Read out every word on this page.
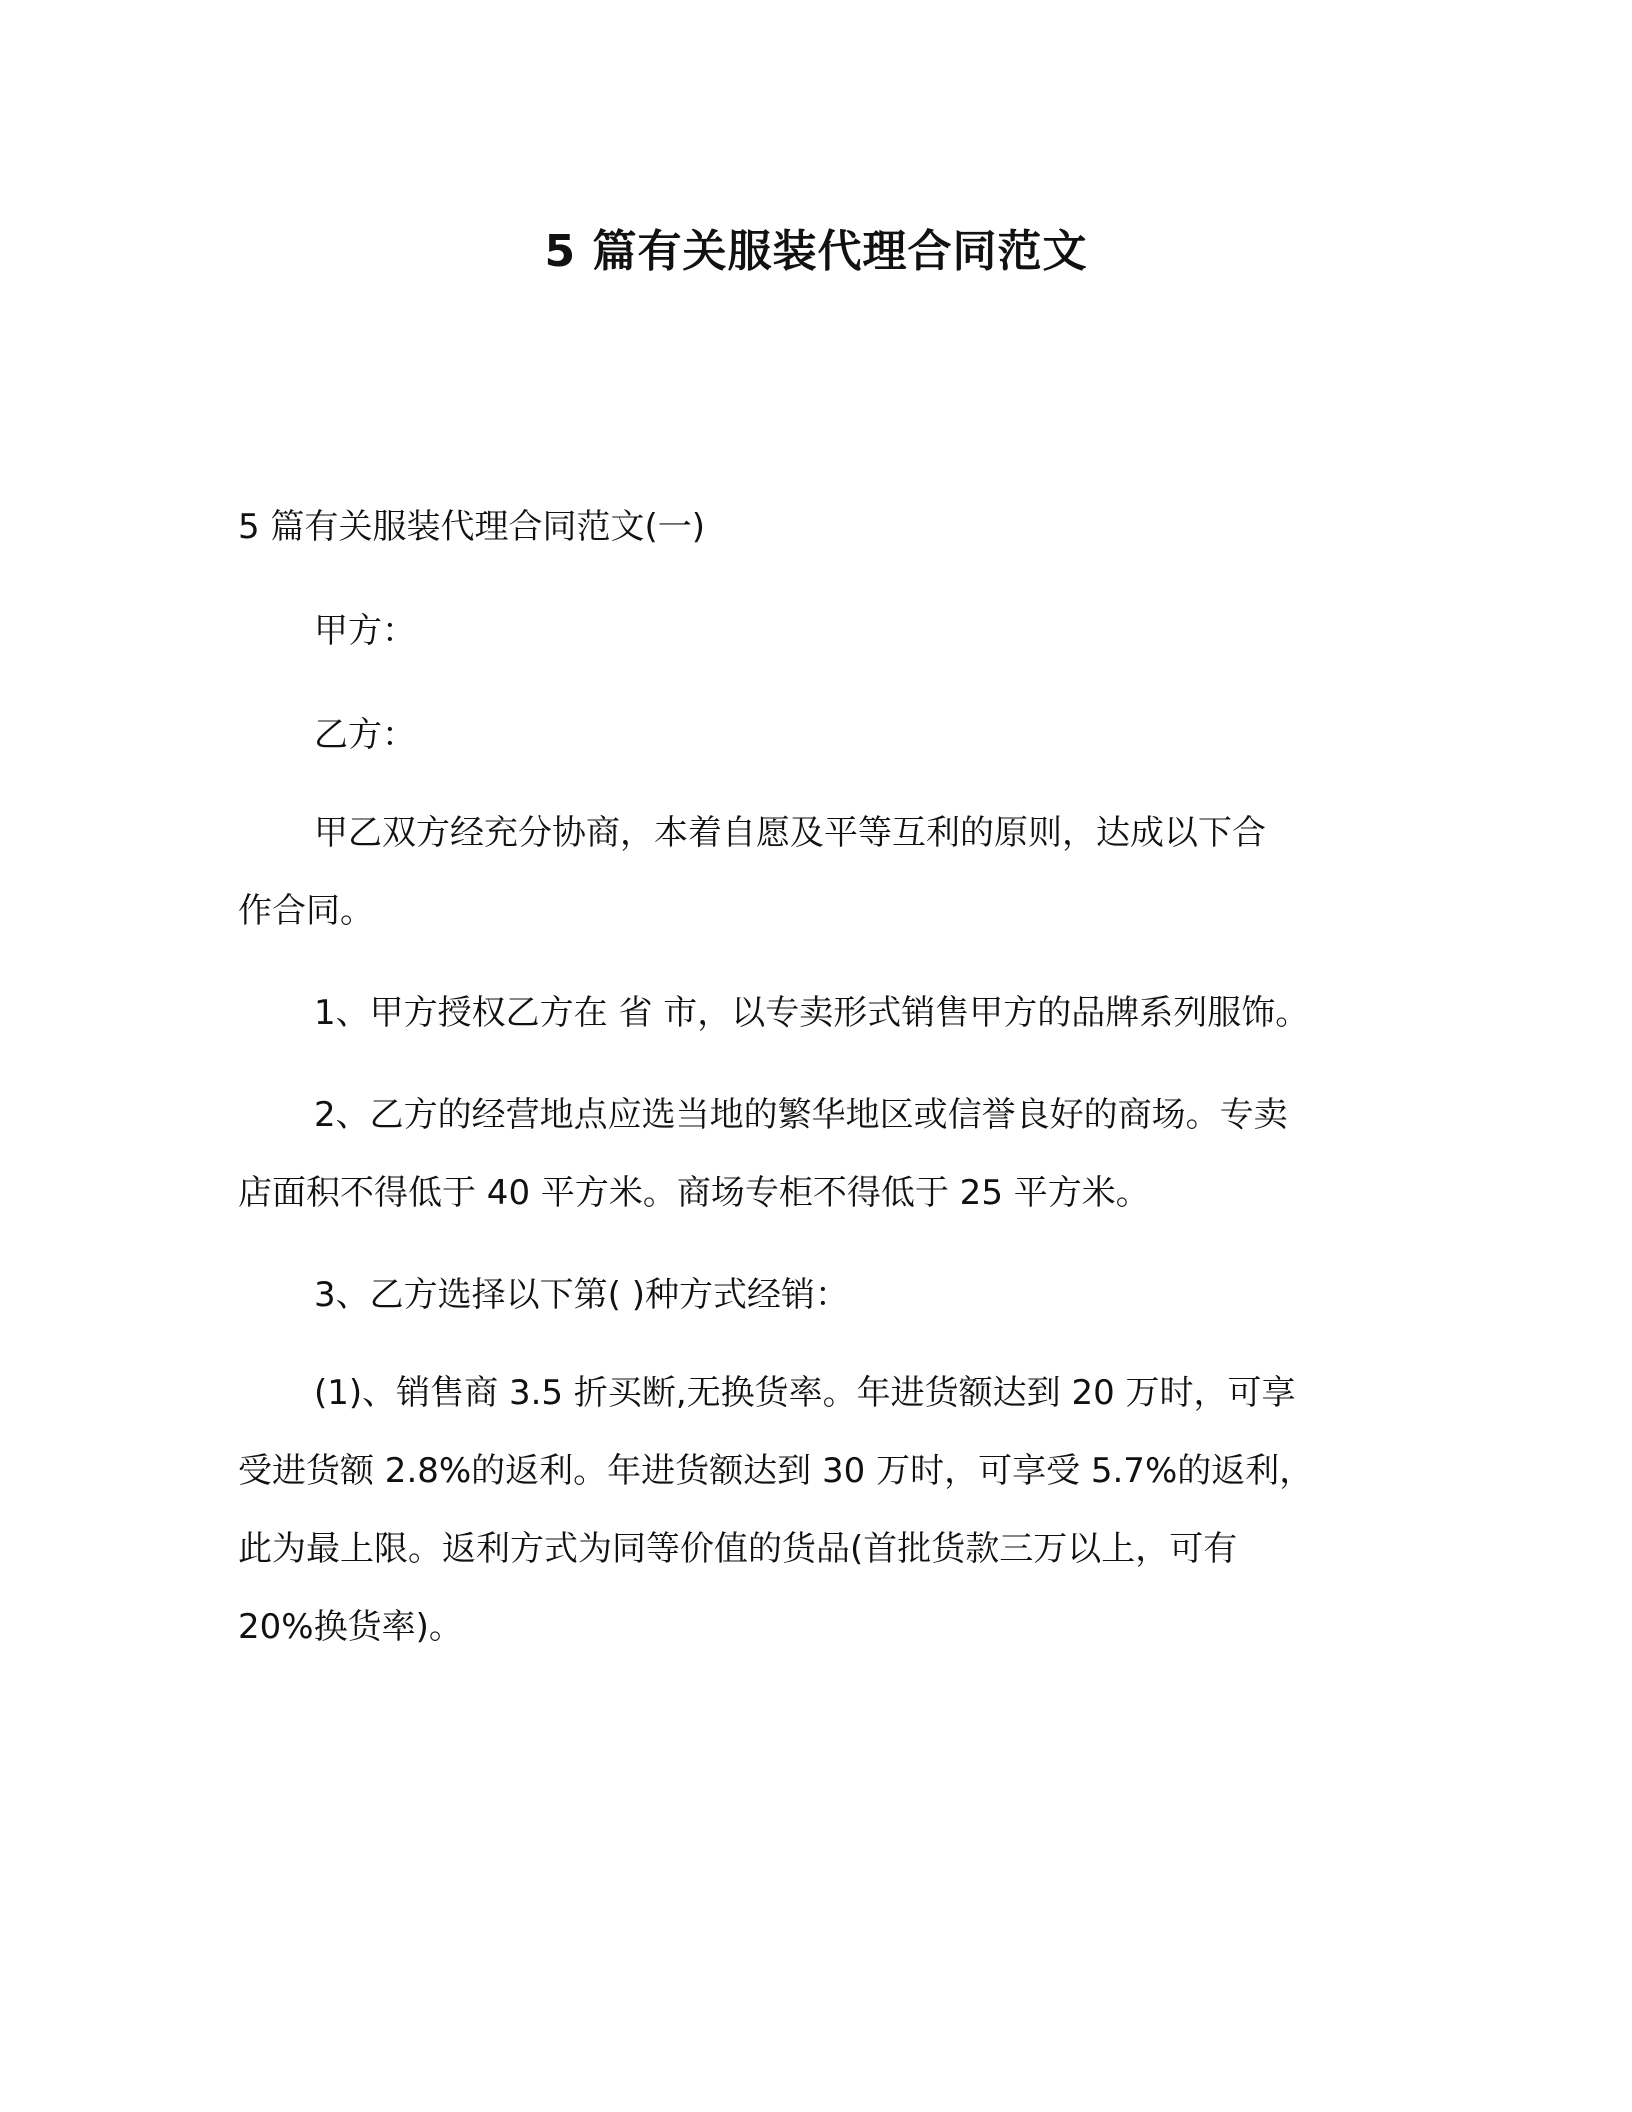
5 篇有关服装代理合同范文

5 篇有关服装代理合同范文(一)

甲方：

乙方：

甲乙双方经充分协商，本着自愿及平等互利的原则，达成以下合
作合同。

1、甲方授权乙方在 省 市，以专卖形式销售甲方的品牌系列服饰。

2、乙方的经营地点应选当地的繁华地区或信誉良好的商场。专卖
店面积不得低于 40 平方米。商场专柜不得低于 25 平方米。

3、乙方选择以下第( )种方式经销：

(1)、销售商 3.5 折买断,无换货率。年进货额达到 20 万时，可享
受进货额 2.8%的返利。年进货额达到 30 万时，可享受 5.7%的返利，
此为最上限。返利方式为同等价值的货品(首批货款三万以上，可有
20%换货率)。
